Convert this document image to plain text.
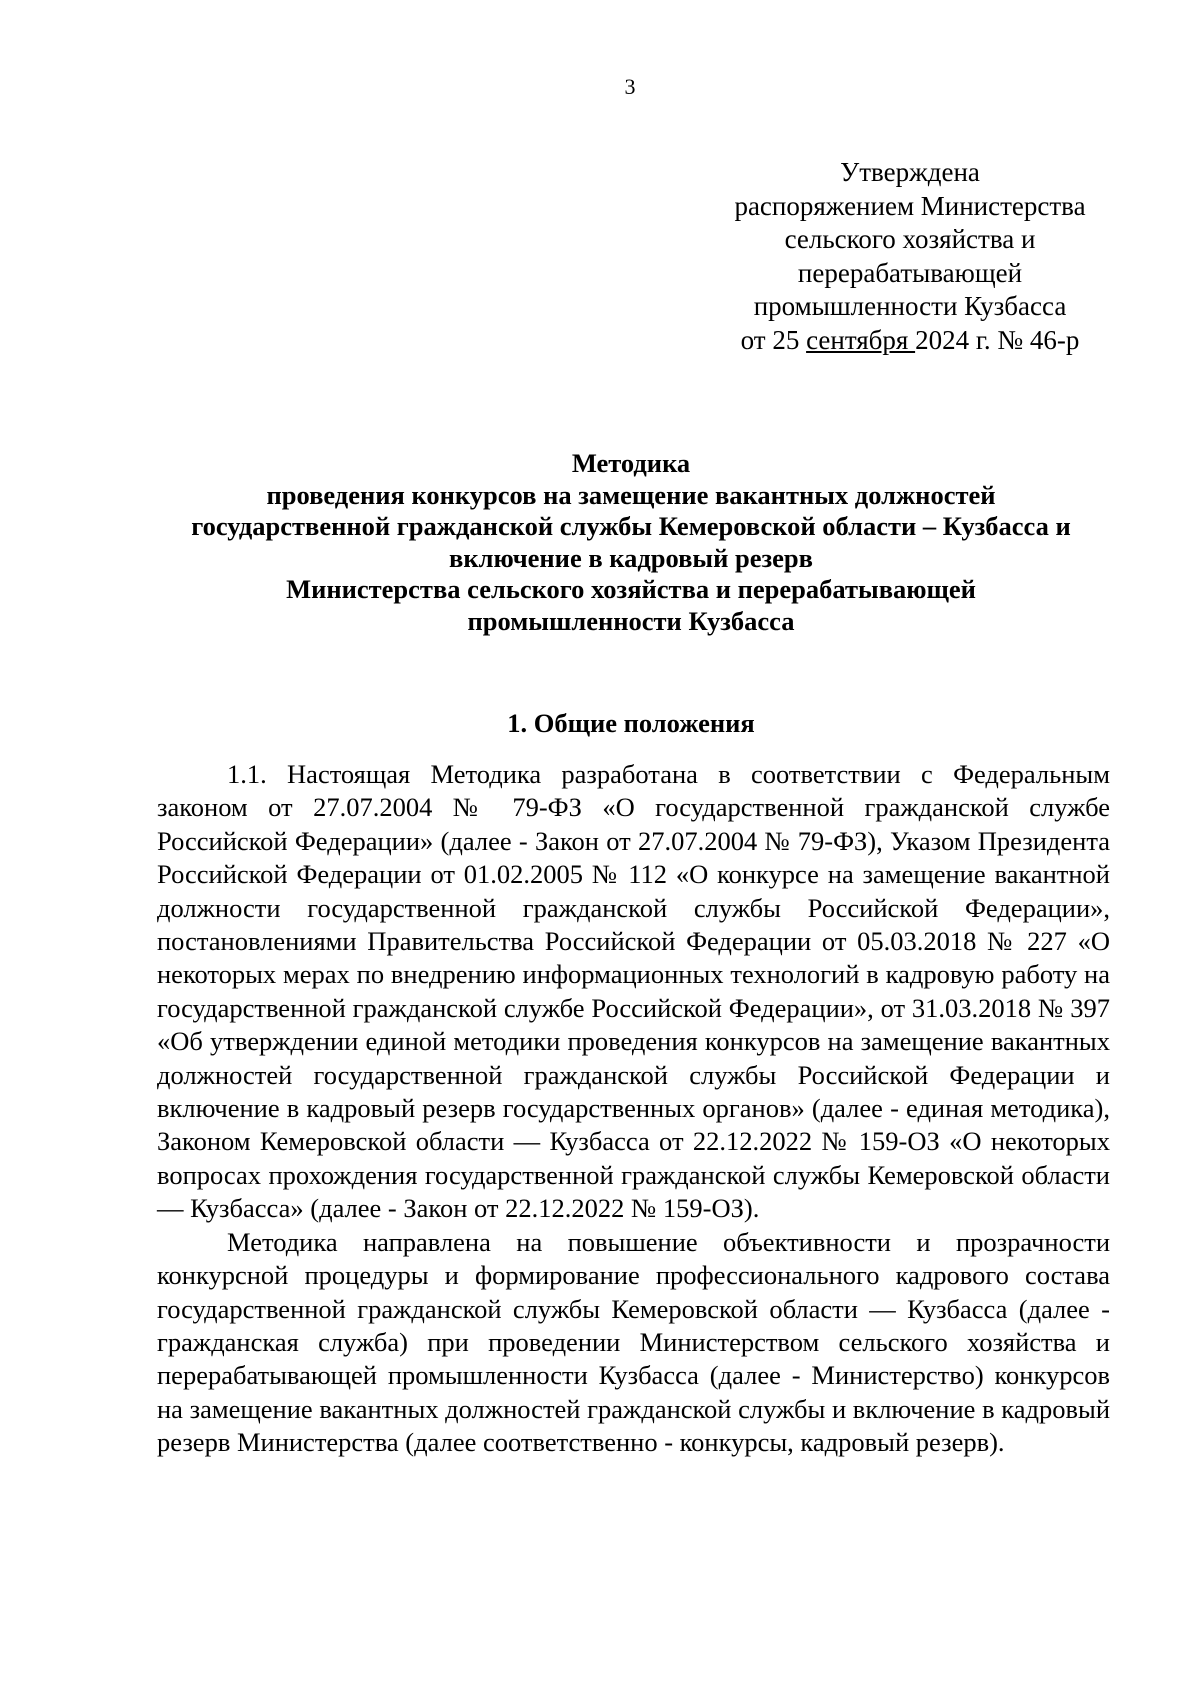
3
Утверждена
распоряжением Министерства
сельского хозяйства и
перерабатывающей
промышленности Кузбасса
от 25 сентября 2024 г. № 46-р
Методика
проведения конкурсов на замещение вакантных должностей
государственной гражданской службы Кемеровской области – Кузбасса и
включение в кадровый резерв
Министерства сельского хозяйства и перерабатывающей
промышленности Кузбасса
1. Общие положения

1.1. Настоящая Методика разработана в соответствии с Федеральным законом от 27.07.2004 № 79-ФЗ «О государственной гражданской службе Российской Федерации» (далее - Закон от 27.07.2004 № 79-ФЗ), Указом Президента Российской Федерации от 01.02.2005 № 112 «О конкурсе на замещение вакантной должности государственной гражданской службы Российской Федерации», постановлениями Правительства Российской Федерации от 05.03.2018 № 227 «О некоторых мерах по внедрению информационных технологий в кадровую работу на государственной гражданской службе Российской Федерации», от 31.03.2018 № 397 «Об утверждении единой методики проведения конкурсов на замещение вакантных должностей государственной гражданской службы Российской Федерации и включение в кадровый резерв государственных органов» (далее - единая методика), Законом Кемеровской области — Кузбасса от 22.12.2022 № 159-ОЗ «О некоторых вопросах прохождения государственной гражданской службы Кемеровской области — Кузбасса» (далее - Закон от 22.12.2022 № 159-ОЗ).

Методика направлена на повышение объективности и прозрачности конкурсной процедуры и формирование профессионального кадрового состава государственной гражданской службы Кемеровской области — Кузбасса (далее - гражданская служба) при проведении Министерством сельского хозяйства и перерабатывающей промышленности Кузбасса (далее - Министерство) конкурсов на замещение вакантных должностей гражданской службы и включение в кадровый резерв Министерства (далее соответственно - конкурсы, кадровый резерв).
